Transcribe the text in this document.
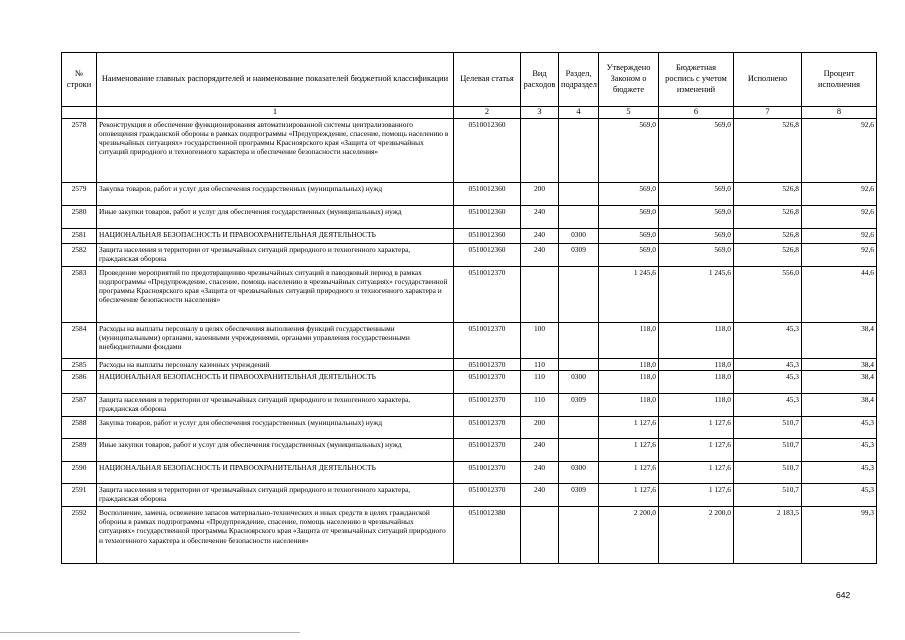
№ строки	Наименование главных распорядителей и наименование показателей бюджетной классификации	Целевая статья	Вид расходов	Раздел, подраздел	Утверждено Законом о бюджете	Бюджетная роспись с учетом изменений	Исполнено	Процент исполнения
	1	2	3	4	5	6	7	8
2578	Реконструкция и обеспечение функционирования автоматизированной системы централизованного оповещения гражданской обороны в рамках подпрограммы «Предупреждение, спасение, помощь населению в чрезвычайных ситуациях» государственной программы Красноярского края «Защита от чрезвычайных ситуаций природного и техногенного характера и обеспечение безопасности населения»	0510012360			569,0	569,0	526,8	92,6
2579	Закупка товаров, работ и услуг для обеспечения государственных (муниципальных) нужд	0510012360	200		569,0	569,0	526,8	92,6
2580	Иные закупки товаров, работ и услуг для обеспечения государственных (муниципальных) нужд	0510012360	240		569,0	569,0	526,8	92,6
2581	НАЦИОНАЛЬНАЯ БЕЗОПАСНОСТЬ И ПРАВООХРАНИТЕЛЬНАЯ ДЕЯТЕЛЬНОСТЬ	0510012360	240	0300	569,0	569,0	526,8	92,6
2582	Защита населения и территории от чрезвычайных ситуаций природного и техногенного характера, гражданская оборона	0510012360	240	0309	569,0	569,0	526,8	92,6
2583	Проведение мероприятий по предотвращению чрезвычайных ситуаций в паводковый период в рамках подпрограммы «Предупреждение, спасение, помощь населению в чрезвычайных ситуациях» государственной программы Красноярского края «Защита от чрезвычайных ситуаций природного и техногенного характера и обеспечение безопасности населения»	0510012370			1 245,6	1 245,6	556,0	44,6
2584	Расходы на выплаты персоналу в целях обеспечения выполнения функций государственными (муниципальными) органами, казенными учреждениями, органами управления государственными внебюджетными фондами	0510012370	100		118,0	118,0	45,3	38,4
2585	Расходы на выплаты персоналу казенных учреждений	0510012370	110		118,0	118,0	45,3	38,4
2586	НАЦИОНАЛЬНАЯ БЕЗОПАСНОСТЬ И ПРАВООХРАНИТЕЛЬНАЯ ДЕЯТЕЛЬНОСТЬ	0510012370	110	0300	118,0	118,0	45,3	38,4
2587	Защита населения и территории от чрезвычайных ситуаций природного и техногенного характера, гражданская оборона	0510012370	110	0309	118,0	118,0	45,3	38,4
2588	Закупка товаров, работ и услуг для обеспечения государственных (муниципальных) нужд	0510012370	200		1 127,6	1 127,6	510,7	45,3
2589	Иные закупки товаров, работ и услуг для обеспечения государственных (муниципальных) нужд	0510012370	240		1 127,6	1 127,6	510,7	45,3
2590	НАЦИОНАЛЬНАЯ БЕЗОПАСНОСТЬ И ПРАВООХРАНИТЕЛЬНАЯ ДЕЯТЕЛЬНОСТЬ	0510012370	240	0300	1 127,6	1 127,6	510,7	45,3
2591	Защита населения и территории от чрезвычайных ситуаций природного и техногенного характера, гражданская оборона	0510012370	240	0309	1 127,6	1 127,6	510,7	45,3
2592	Восполнение, замена, освежение запасов материально-технических и иных средств в целях гражданской обороны в рамках подпрограммы «Предупреждение, спасение, помощь населению в чрезвычайных ситуациях» государственной программы Красноярского края «Защита от чрезвычайных ситуаций природного и техногенного характера и обеспечение безопасности населения»	0510012380			2 200,0	2 200,0	2 183,5	99,3
642
